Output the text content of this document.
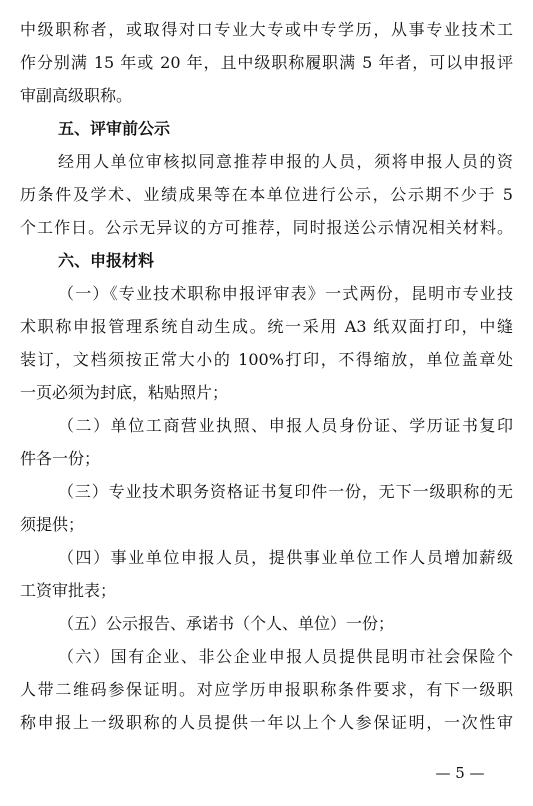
中级职称者，或取得对口专业大专或中专学历，从事专业技术工
作分别满 15 年或 20 年，且中级职称履职满 5 年者，可以申报评
审副高级职称。
五、评审前公示
经用人单位审核拟同意推荐申报的人员，须将申报人员的资
历条件及学术、业绩成果等在本单位进行公示，公示期不少于 5
个工作日。公示无异议的方可推荐，同时报送公示情况相关材料。
六、申报材料
（一）《专业技术职称申报评审表》一式两份，昆明市专业技
术职称申报管理系统自动生成。统一采用 A3 纸双面打印，中缝
装订，文档须按正常大小的 100%打印，不得缩放，单位盖章处
一页必须为封底，粘贴照片；
（二）单位工商营业执照、申报人员身份证、学历证书复印
件各一份；
（三）专业技术职务资格证书复印件一份，无下一级职称的无
须提供；
（四）事业单位申报人员，提供事业单位工作人员增加薪级
工资审批表；
（五）公示报告、承诺书（个人、单位）一份；
（六）国有企业、非公企业申报人员提供昆明市社会保险个
人带二维码参保证明。对应学历申报职称条件要求，有下一级职
称申报上一级职称的人员提供一年以上个人参保证明，一次性审
— 5 —
